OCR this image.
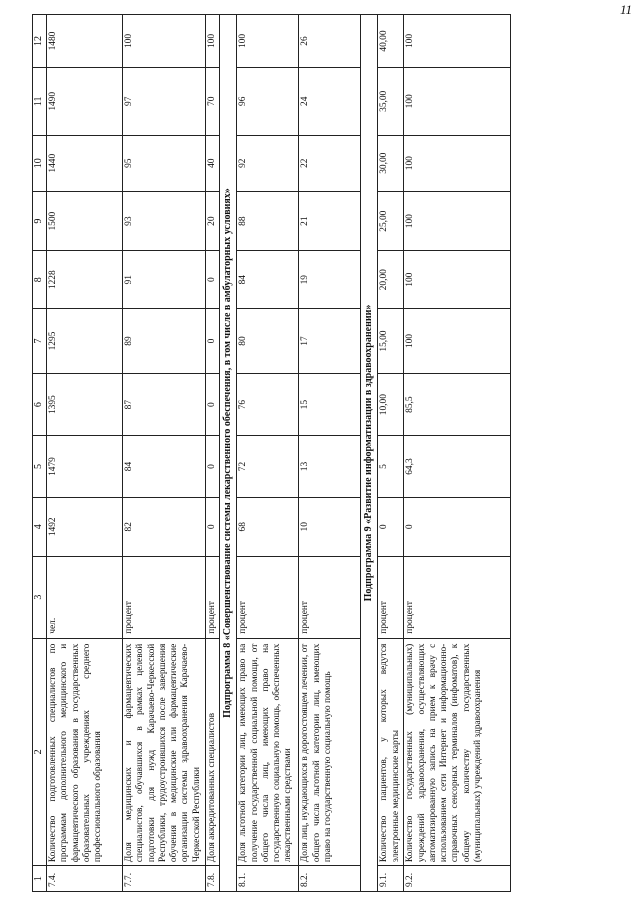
11
1	2	3	4	5	6	7	8	9	10	11	12
7.4.	Количество подготовленных специалистов по программам дополнительного медицинского и фармацевтического образования в государственных образовательных учреждениях среднего профессионального образования	чел.	1492	1479	1395	1295	1228	1500	1440	1490	1480
7.7.	Доля медицинских и фармацевтических специалистов, обучавшихся в рамках целевой подготовки для нужд Карачаево-Черкесской Республики, трудоустроившихся после завершения обучения в медицинские или фармацевтические организации системы здравоохранения Карачаево-Черкесской Республики	процент	82	84	87	89	91	93	95	97	100
7.8.	Доля аккредитованных специалистов	процент	0	0	0	0	0	20	40	70	100
Подпрограмма 8 «Совершенствование системы лекарственного обеспечения, в том числе в амбулаторных условиях»											
8.1.	Доля льготной категории лиц, имеющих право на получение государственной социальной помощи, от общего числа лиц, имеющих право на государственную социальную помощь, обеспеченных лекарственными средствами	процент	68	72	76	80	84	88	92	96	100
8.2.	Доля лиц, нуждающихся в дорогостоящем лечении, от общего числа льготной категории лиц, имеющих право на государственную социальную помощь	процент	10	13	15	17	19	21	22	24	26
Подпрограмма 9 «Развитие информатизации в здравоохранении»											
9.1.	Количество пациентов, у которых ведутся электронные медицинские карты	процент	0	5	10,00	15,00	20,00	25,00	30,00	35,00	40,00
9.2.	Количество государственных (муниципальных) учреждений здравоохранения, осуществляющих автоматизированную запись на прием к врачу с использованием сети Интернет и информационно-справочных сенсорных терминалов (инфоматов), к общему количеству государственных (муниципальных) учреждений здравоохранения	процент	0	64,3	85,5	100	100	100	100	100	100
